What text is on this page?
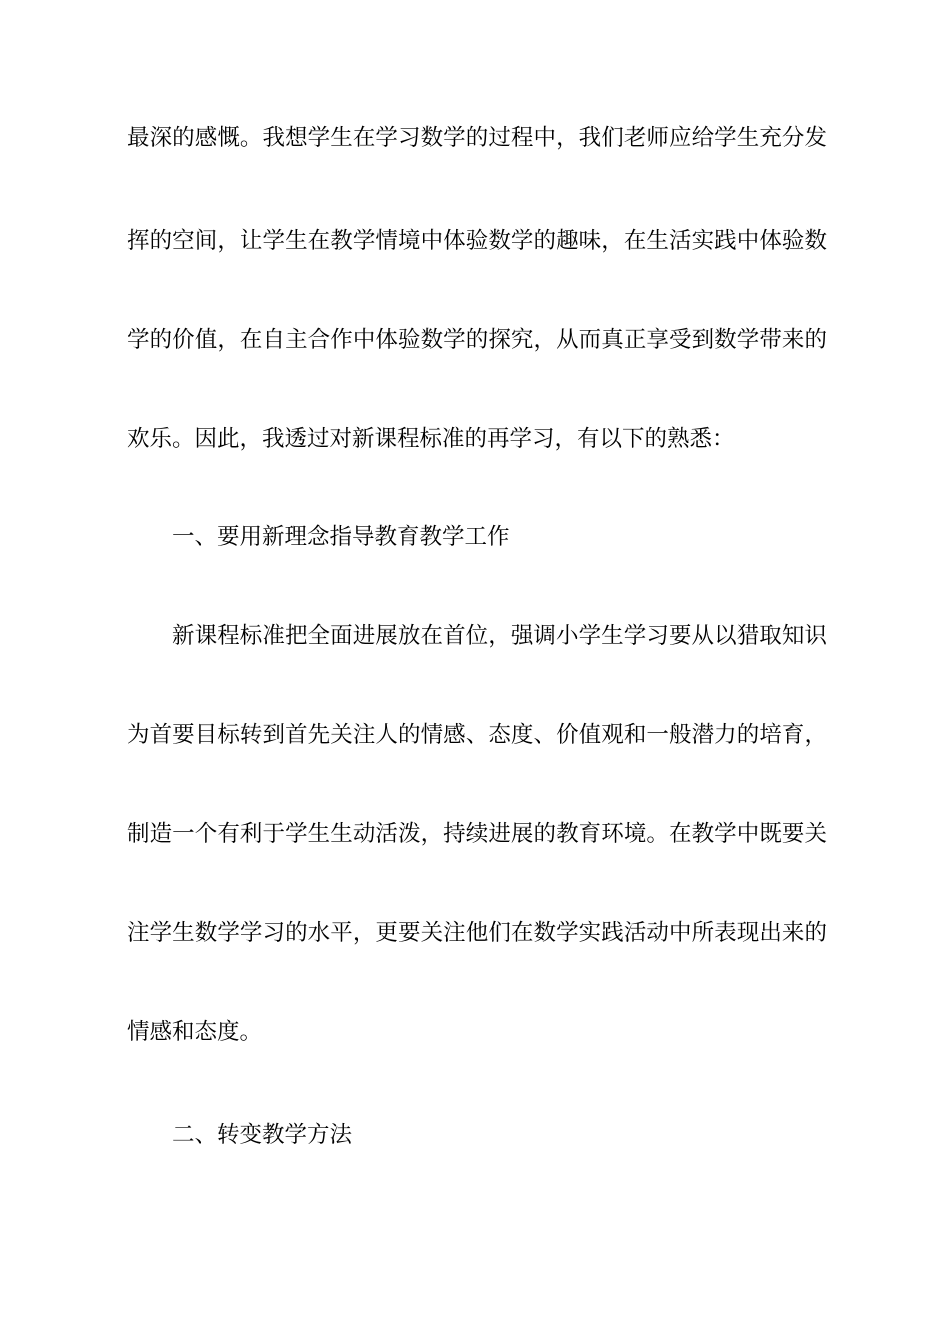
最深的感慨。我想学生在学习数学的过程中，我们老师应给学生充分发
挥的空间，让学生在教学情境中体验数学的趣味，在生活实践中体验数
学的价值，在自主合作中体验数学的探究，从而真正享受到数学带来的
欢乐。因此，我透过对新课程标准的再学习，有以下的熟悉：
一、要用新理念指导教育教学工作
新课程标准把全面进展放在首位，强调小学生学习要从以猎取知识
为首要目标转到首先关注人的情感、态度、价值观和一般潜力的培育，
制造一个有利于学生生动活泼，持续进展的教育环境。在教学中既要关
注学生数学学习的水平，更要关注他们在数学实践活动中所表现出来的
情感和态度。
二、转变教学方法
